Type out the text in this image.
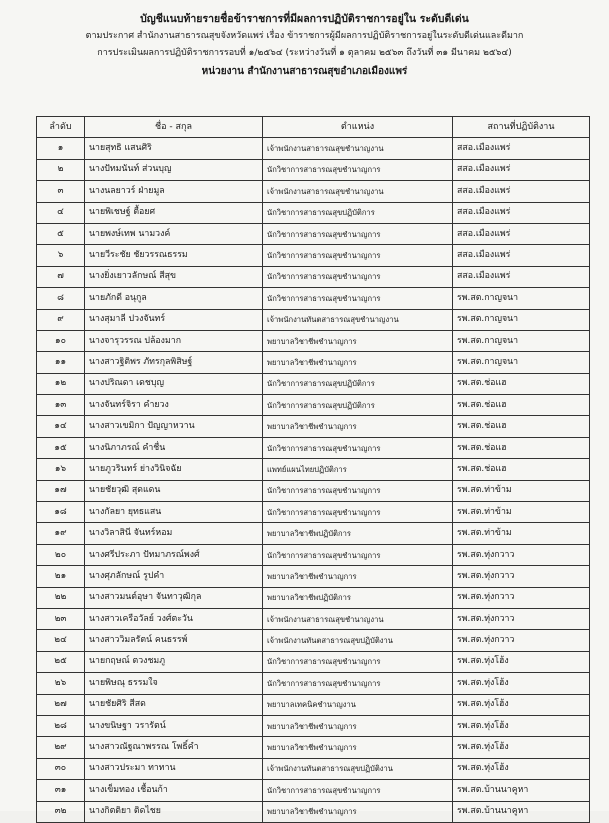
บัญชีแนบท้ายรายชื่อข้าราชการที่มีผลการปฏิบัติราชการอยู่ใน ระดับดีเด่น
ตามประกาศ สำนักงานสาธารณสุขจังหวัดแพร่ เรื่อง ข้าราชการผู้มีผลการปฏิบัติราชการอยู่ในระดับดีเด่นและดีมาก
การประเมินผลการปฏิบัติราชการรอบที่ ๑/๒๕๖๔ (ระหว่างวันที่ ๑ ตุลาคม ๒๕๖๓ ถึงวันที่ ๓๑ มีนาคม ๒๕๖๔)
หน่วยงาน สำนักงานสาธารณสุขอำเภอเมืองแพร่
ลำดับ	ชื่อ - สกุล	ตำแหน่ง	สถานที่ปฏิบัติงาน
๑	นายสุทธิ แสนศิริ	เจ้าพนักงานสาธารณสุขชำนาญงาน	สสอ.เมืองแพร่
๒	นางปัทมนันท์ ส่วนบุญ	นักวิชาการสาธารณสุขชำนาญการ	สสอ.เมืองแพร่
๓	นางนลยาวร์ ฝ่ายมูล	เจ้าพนักงานสาธารณสุขชำนาญงาน	สสอ.เมืองแพร่
๔	นายพิเชษฐ์ ตื้อยศ	นักวิชาการสาธารณสุขปฏิบัติการ	สสอ.เมืองแพร่
๕	นายพงษ์เทพ นามวงค์	นักวิชาการสาธารณสุขชำนาญการ	สสอ.เมืองแพร่
๖	นายวีระชัย ชัยวรรณธรรม	นักวิชาการสาธารณสุขชำนาญการ	สสอ.เมืองแพร่
๗	นางยิ่งเยาวลักษณ์ สีสุข	นักวิชาการสาธารณสุขชำนาญการ	สสอ.เมืองแพร่
๘	นายภักดี อนุกูล	นักวิชาการสาธารณสุขชำนาญการ	รพ.สต.กาญจนา
๙	นางสุมาลี ปวงจันทร์	เจ้าพนักงานทันตสาธารณสุขชำนาญงาน	รพ.สต.กาญจนา
๑๐	นางจารุวรรณ ปล้องมาก	พยาบาลวิชาชีพชำนาญการ	รพ.สต.กาญจนา
๑๑	นางสาวฐิติพร ภัทรกุลพิสิษฐ์	พยาบาลวิชาชีพชำนาญการ	รพ.สต.กาญจนา
๑๒	นางปริณดา เดชบุญ	นักวิชาการสาธารณสุขปฏิบัติการ	รพ.สต.ช่อแฮ
๑๓	นางจันทร์จิรา คำยวง	นักวิชาการสาธารณสุขปฏิบัติการ	รพ.สต.ช่อแฮ
๑๔	นางสาวเขมิกา ปัญญาหวาน	พยาบาลวิชาชีพชำนาญการ	รพ.สต.ช่อแฮ
๑๕	นางนิภาภรณ์ คำชื่น	นักวิชาการสาธารณสุขชำนาญการ	รพ.สต.ช่อแฮ
๑๖	นายภูวรินทร์ ย่างวินิจฉัย	แพทย์แผนไทยปฏิบัติการ	รพ.สต.ช่อแฮ
๑๗	นายชัยวุฒิ สุดแดน	นักวิชาการสาธารณสุขชำนาญการ	รพ.สต.ท่าข้าม
๑๘	นางกัลยา ยุทธแสน	นักวิชาการสาธารณสุขชำนาญการ	รพ.สต.ท่าข้าม
๑๙	นางวิลาสินี จันทร์หอม	พยาบาลวิชาชีพปฏิบัติการ	รพ.สต.ท่าข้าม
๒๐	นางศรีประภา ปัทมาภรณ์พงศ์	นักวิชาการสาธารณสุขชำนาญการ	รพ.สต.ทุ่งกวาว
๒๑	นางศุภลักษณ์ รูปคำ	พยาบาลวิชาชีพชำนาญการ	รพ.สต.ทุ่งกวาว
๒๒	นางสาวมนต์อุษา จันทาวุฒิกุล	พยาบาลวิชาชีพปฏิบัติการ	รพ.สต.ทุ่งกวาว
๒๓	นางสาวเครือวัลย์ วงศ์ตะวัน	เจ้าพนักงานสาธารณสุขชำนาญงาน	รพ.สต.ทุ่งกวาว
๒๔	นางสาววิมลรัตน์ คนธรรพ์	เจ้าพนักงานทันตสาธารณสุขปฏิบัติงาน	รพ.สต.ทุ่งกวาว
๒๕	นายกฤษณ์ ตวงชมภู	นักวิชาการสาธารณสุขชำนาญการ	รพ.สต.ทุ่งโฮ้ง
๒๖	นายพิษณุ ธรรมใจ	นักวิชาการสาธารณสุขชำนาญการ	รพ.สต.ทุ่งโฮ้ง
๒๗	นายชัยศิริ สีสด	พยาบาลเทคนิคชำนาญงาน	รพ.สต.ทุ่งโฮ้ง
๒๘	นางขนิษฐา วรารัตน์	พยาบาลวิชาชีพชำนาญการ	รพ.สต.ทุ่งโฮ้ง
๒๙	นางสาวณัฐณาพรรณ โพธิ์คำ	พยาบาลวิชาชีพชำนาญการ	รพ.สต.ทุ่งโฮ้ง
๓๐	นางสาวประมา ทาทาน	เจ้าพนักงานทันตสาธารณสุขปฏิบัติงาน	รพ.สต.ทุ่งโฮ้ง
๓๑	นางเข็มทอง เชื้อนก้า	นักวิชาการสาธารณสุขชำนาญการ	รพ.สต.บ้านนาคูหา
๓๒	นางกิตติยา ติดไชย	พยาบาลวิชาชีพชำนาญการ	รพ.สต.บ้านนาคูหา
